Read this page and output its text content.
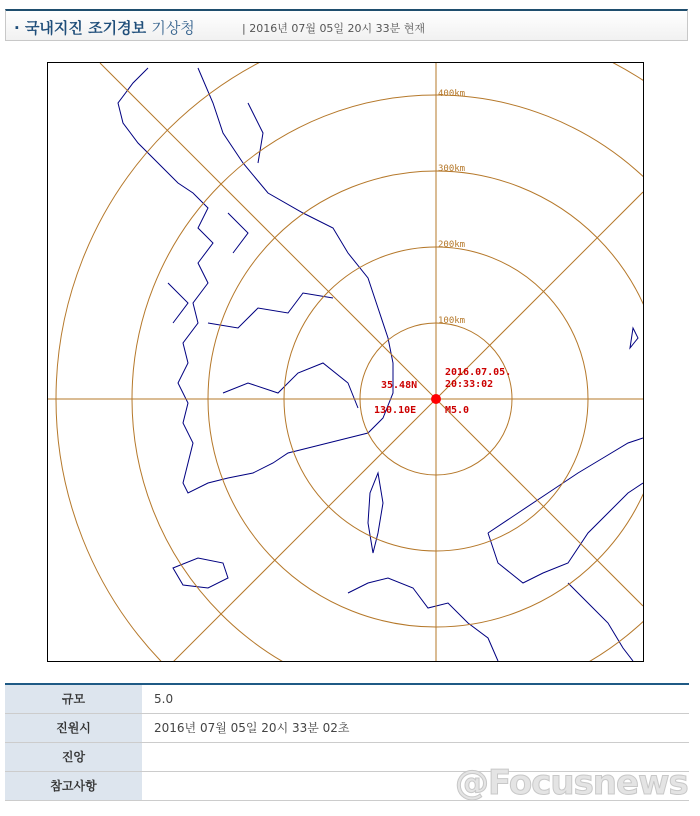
· 국내지진 조기경보 기상청	| 2016년 07월 05일 20시 33분 현재
100km
200km
300km
400km
35.48N
130.10E
2016.07.05.
20:33:02
M5.0
규모	5.0
진원시	2016년 07월 05일 20시 33분 02초
진앙	
참고사항		@Focusnews
